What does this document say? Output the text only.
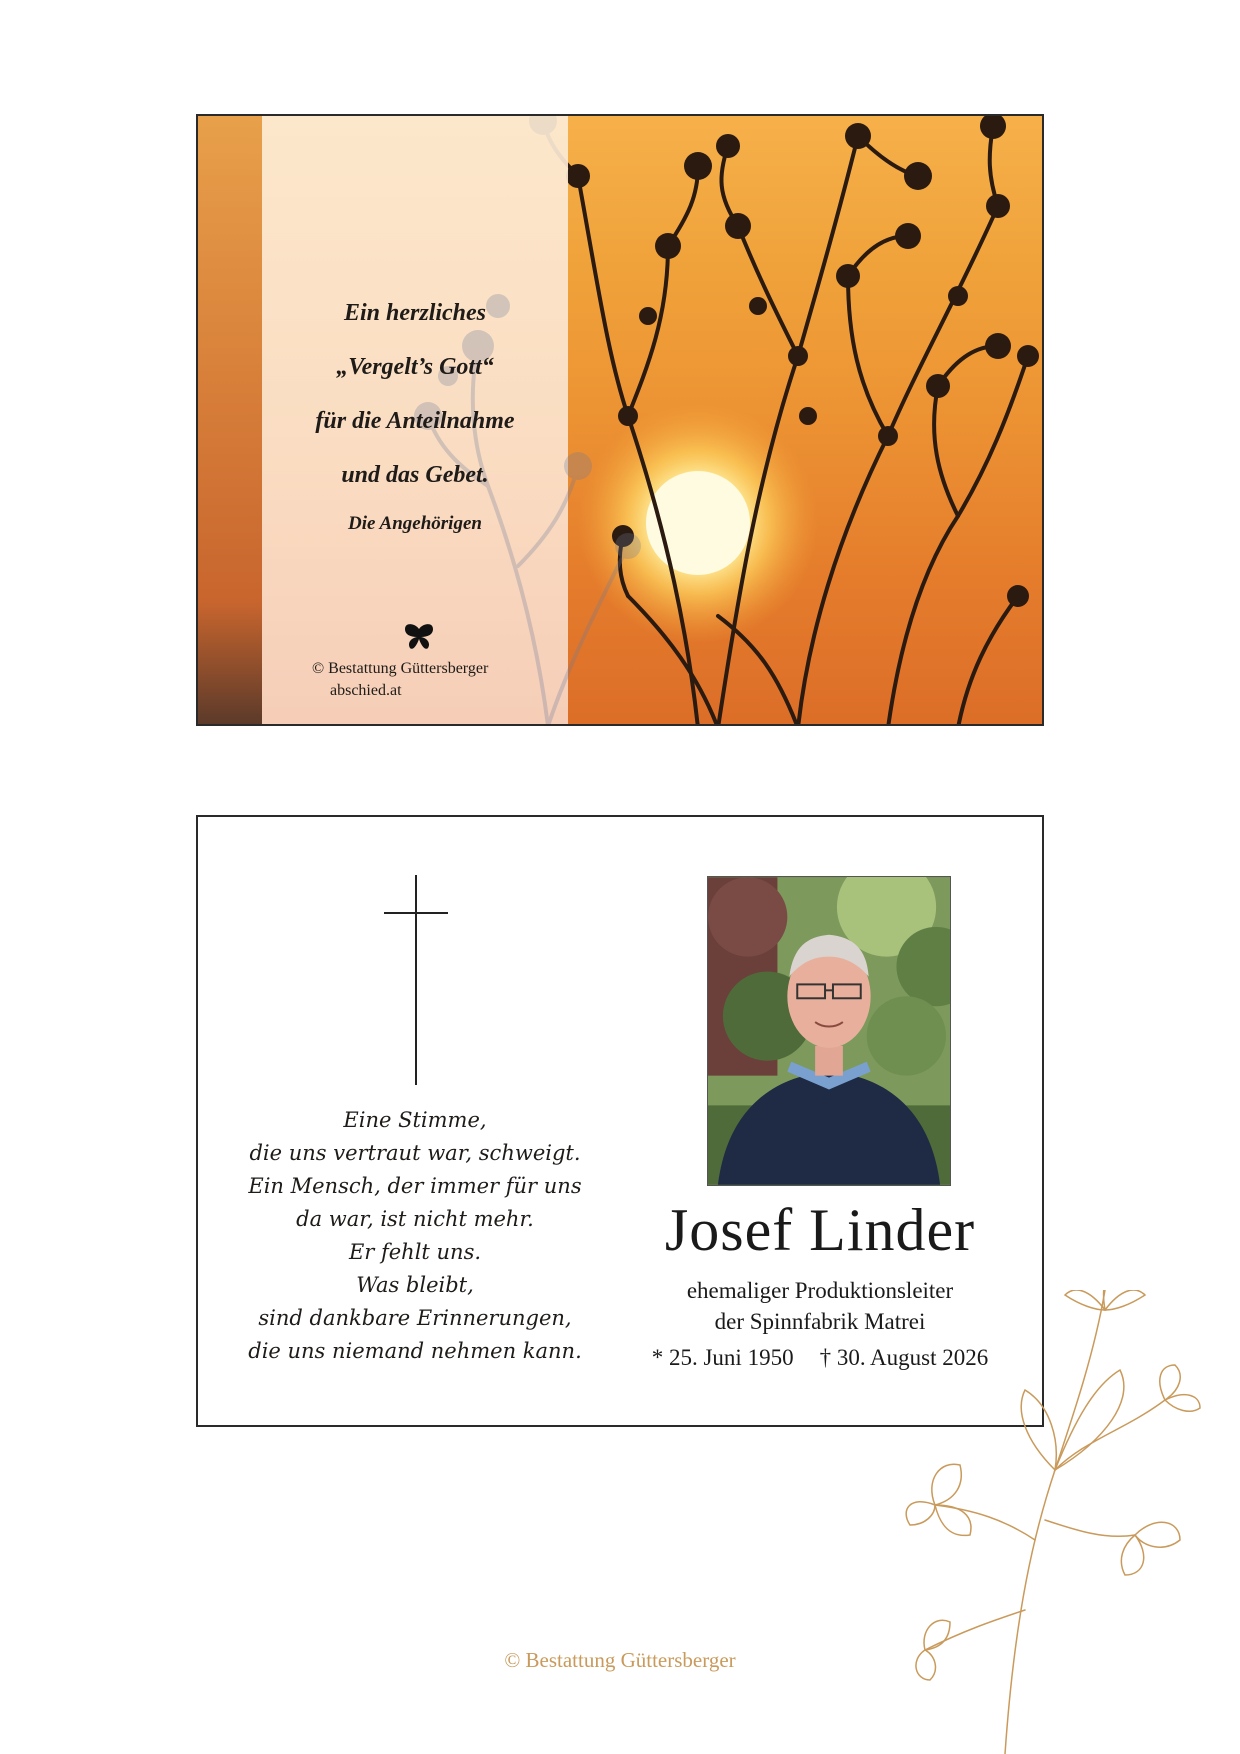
Ein herzliches
„Vergelt’s Gott“
für die Anteilnahme
und das Gebet.
Die Angehörigen
© Bestattung Güttersberger
abschied.at
Eine Stimme,
die uns vertraut war, schweigt.
Ein Mensch, der immer für uns
da war, ist nicht mehr.
Er fehlt uns.
Was bleibt,
sind dankbare Erinnerungen,
die uns niemand nehmen kann.
Josef Linder
ehemaliger Produktionsleiter
der Spinnfabrik Matrei
* 25. Juni 1950 † 30. August 2026
© Bestattung Güttersberger
